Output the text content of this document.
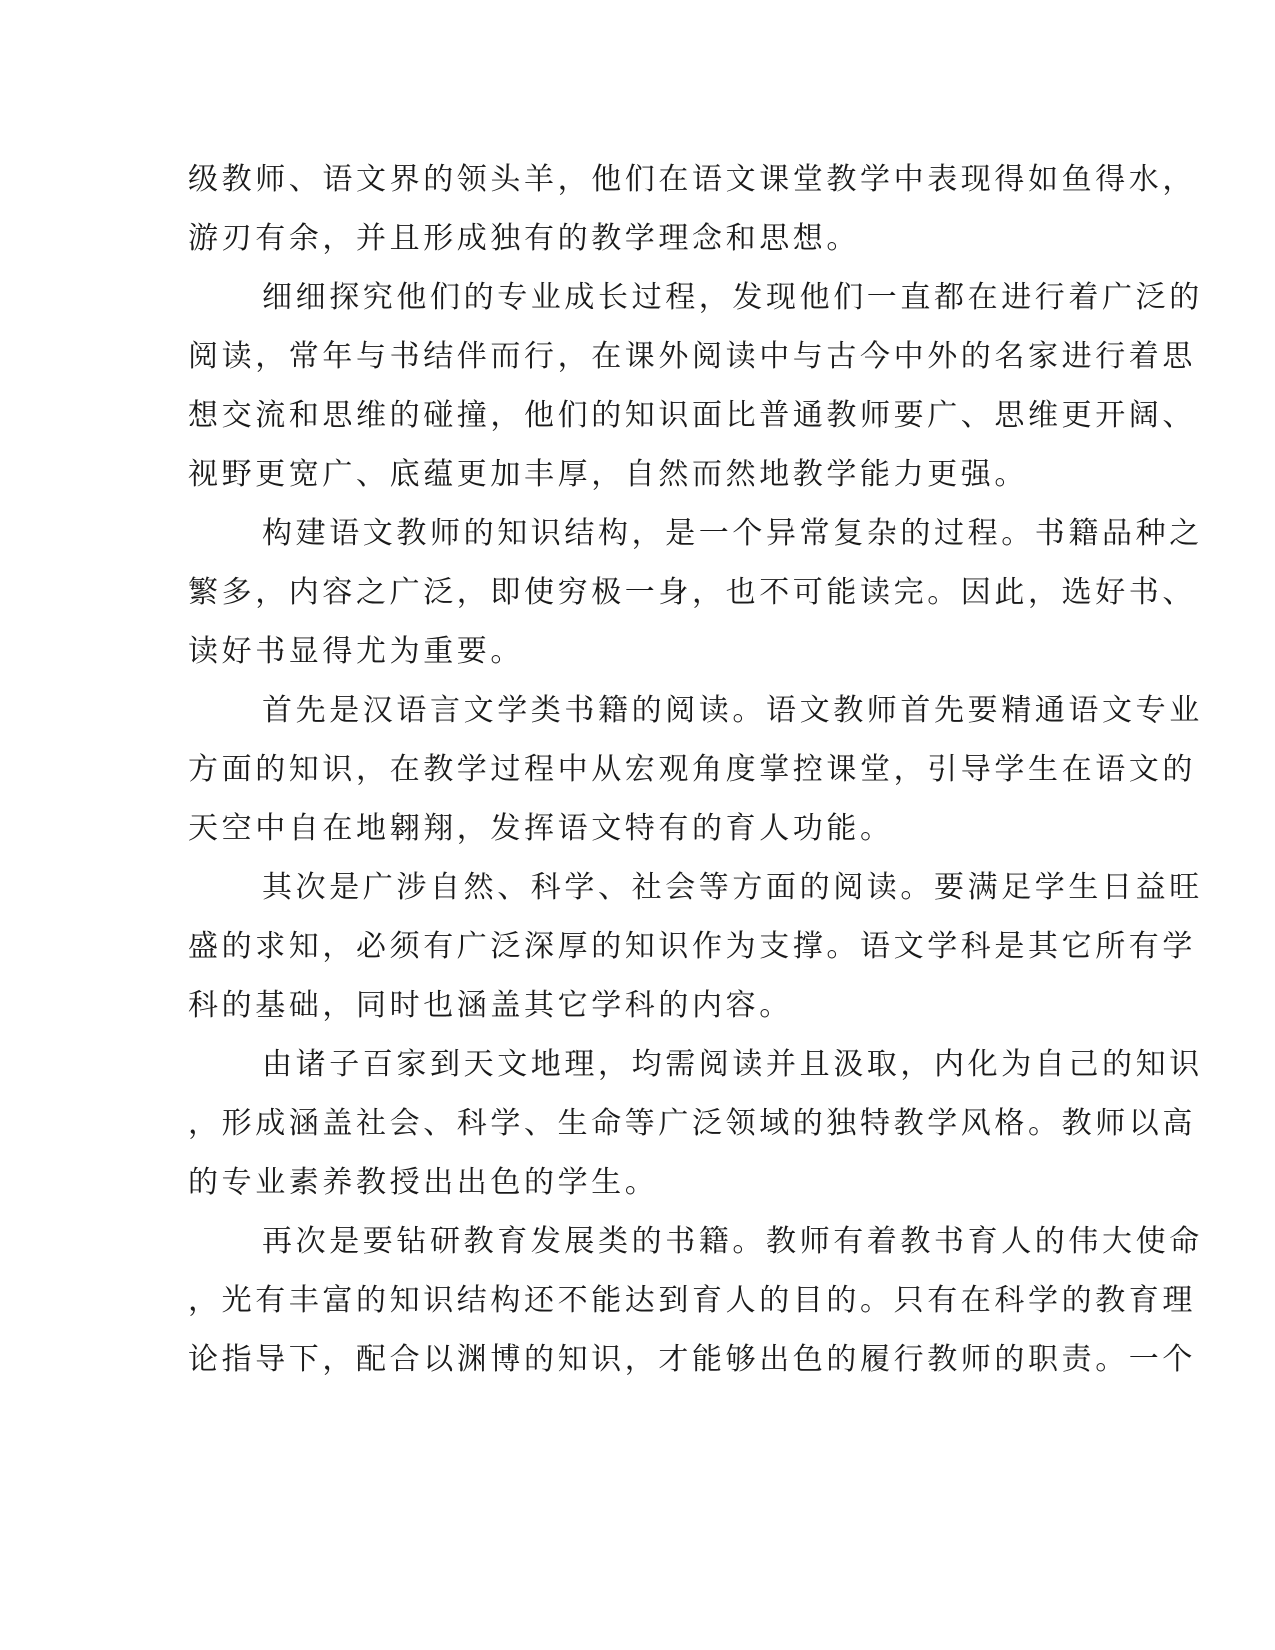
级教师、语文界的领头羊，他们在语文课堂教学中表现得如鱼得水，
游刃有余，并且形成独有的教学理念和思想。
细细探究他们的专业成长过程，发现他们一直都在进行着广泛的
阅读，常年与书结伴而行，在课外阅读中与古今中外的名家进行着思
想交流和思维的碰撞，他们的知识面比普通教师要广、思维更开阔、
视野更宽广、底蕴更加丰厚，自然而然地教学能力更强。
构建语文教师的知识结构，是一个异常复杂的过程。书籍品种之
繁多，内容之广泛，即使穷极一身，也不可能读完。因此，选好书、
读好书显得尤为重要。
首先是汉语言文学类书籍的阅读。语文教师首先要精通语文专业
方面的知识，在教学过程中从宏观角度掌控课堂，引导学生在语文的
天空中自在地翱翔，发挥语文特有的育人功能。
其次是广涉自然、科学、社会等方面的阅读。要满足学生日益旺
盛的求知，必须有广泛深厚的知识作为支撑。语文学科是其它所有学
科的基础，同时也涵盖其它学科的内容。
由诸子百家到天文地理，均需阅读并且汲取，内化为自己的知识
，形成涵盖社会、科学、生命等广泛领域的独特教学风格。教师以高
的专业素养教授出出色的学生。
再次是要钻研教育发展类的书籍。教师有着教书育人的伟大使命
，光有丰富的知识结构还不能达到育人的目的。只有在科学的教育理
论指导下，配合以渊博的知识，才能够出色的履行教师的职责。一个
